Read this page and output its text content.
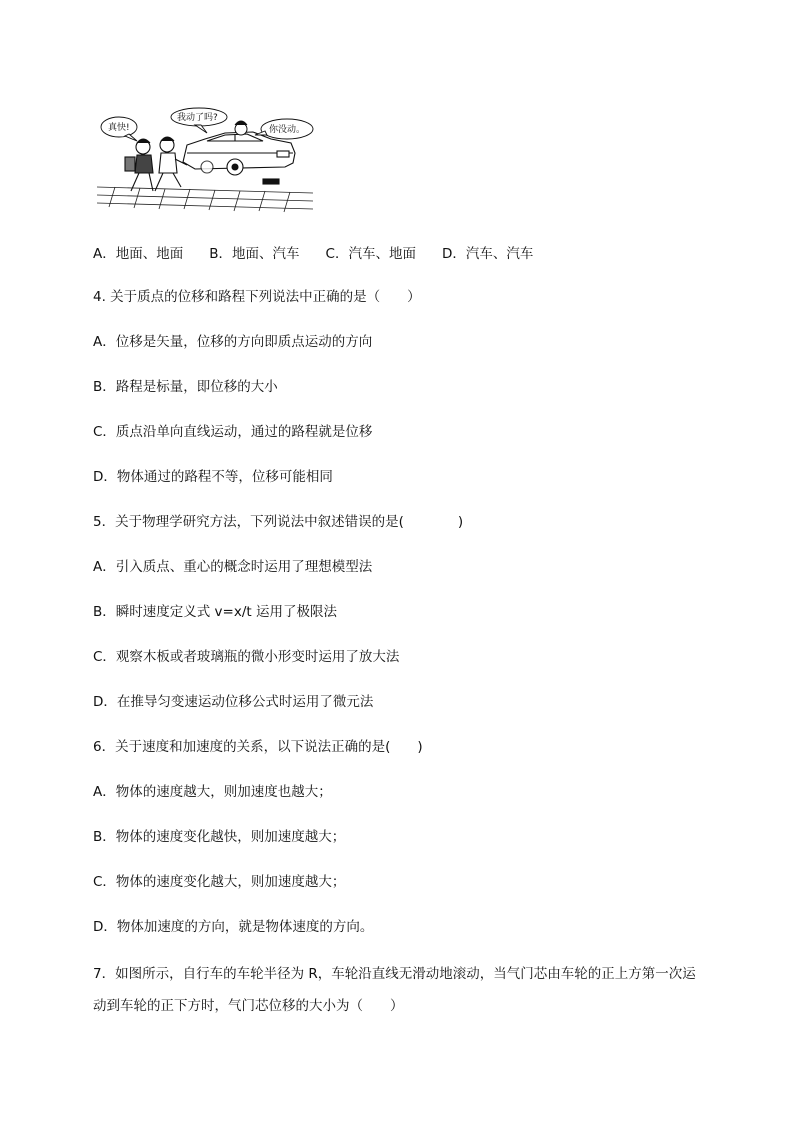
真快!
我动了吗?
你没动。
A．地面、地面 B．地面、汽车 C．汽车、地面 D．汽车、汽车
4. 关于质点的位移和路程下列说法中正确的是（　　）
A．位移是矢量，位移的方向即质点运动的方向
B．路程是标量，即位移的大小
C．质点沿单向直线运动，通过的路程就是位移
D．物体通过的路程不等，位移可能相同
5．关于物理学研究方法，下列说法中叙述错误的是(　　　　)
A．引入质点、重心的概念时运用了理想模型法
B．瞬时速度定义式 v=x/t 运用了极限法
C．观察木板或者玻璃瓶的微小形变时运用了放大法
D．在推导匀变速运动位移公式时运用了微元法
6．关于速度和加速度的关系，以下说法正确的是(　　)
A．物体的速度越大，则加速度也越大；
B．物体的速度变化越快，则加速度越大；
C．物体的速度变化越大，则加速度越大；
D．物体加速度的方向，就是物体速度的方向。
7．如图所示，自行车的车轮半径为 R，车轮沿直线无滑动地滚动，当气门芯由车轮的正上方第一次运动到车轮的正下方时，气门芯位移的大小为（　　）
